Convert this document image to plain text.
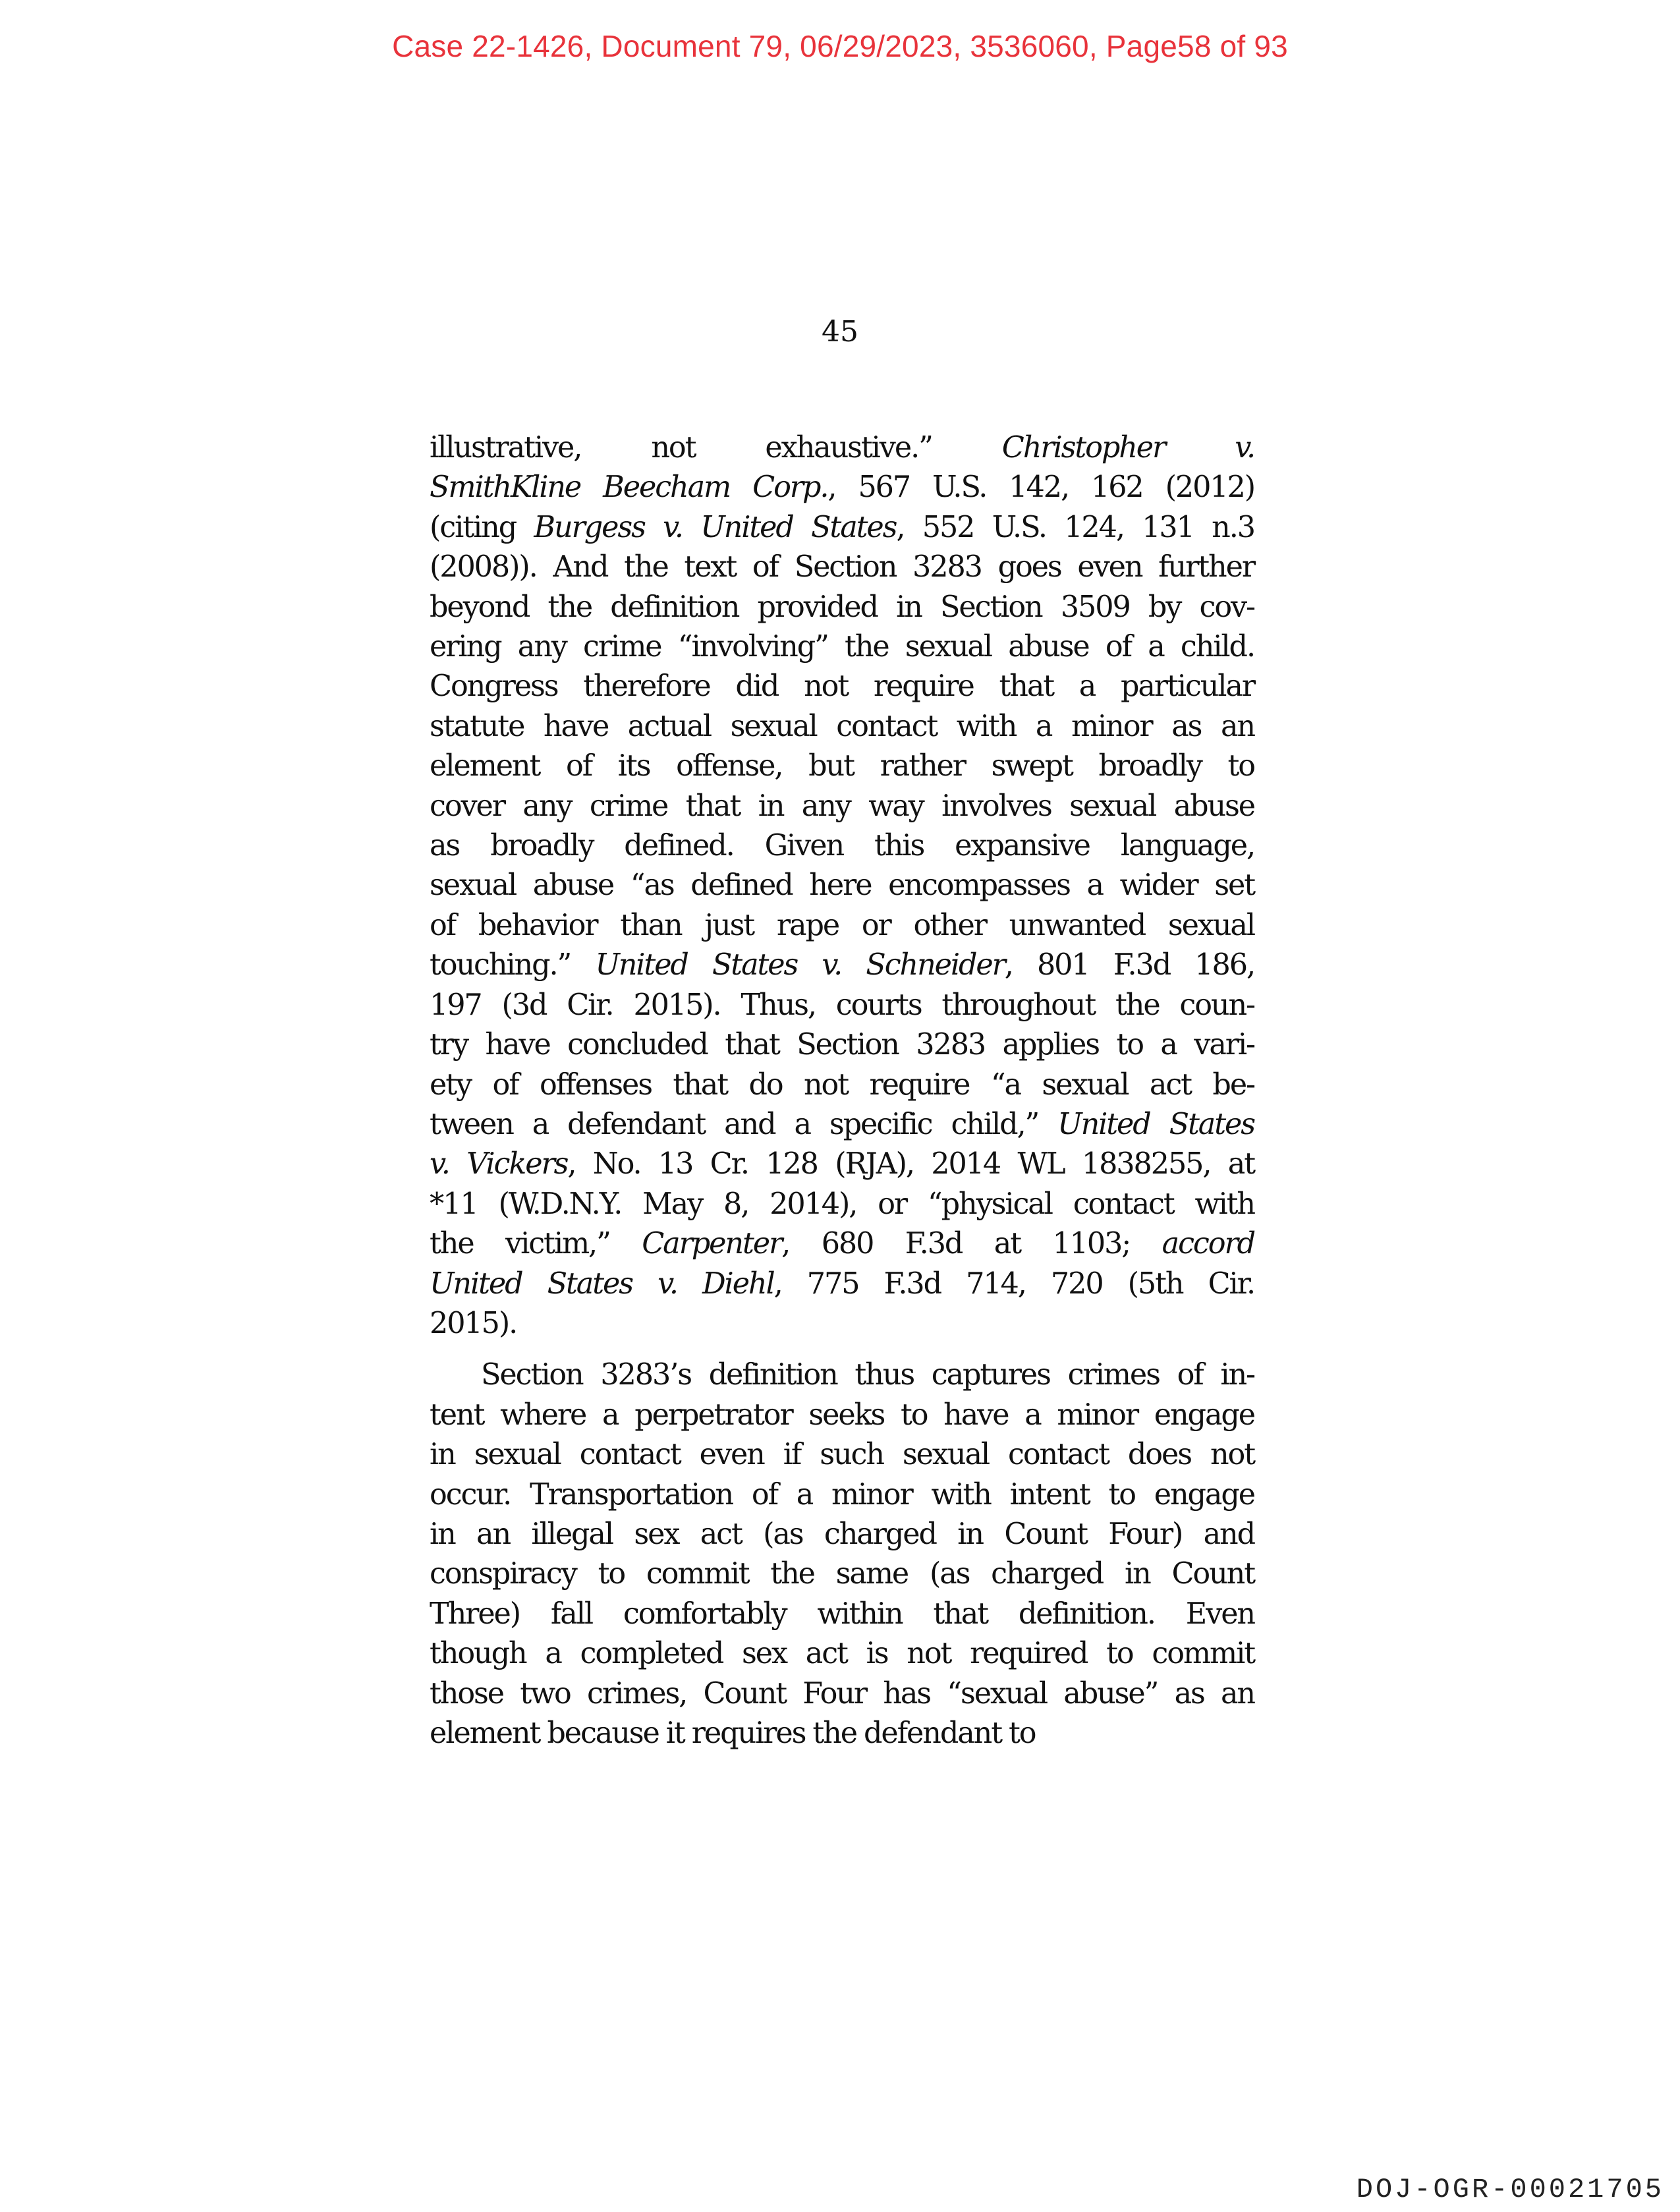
Case 22-1426, Document 79, 06/29/2023, 3536060, Page58 of 93
45

illustrative, not exhaustive.” Christopher v.
SmithKline Beecham Corp., 567 U.S. 142, 162 (2012)
(citing Burgess v. United States, 552 U.S. 124, 131 n.3
(2008)). And the text of Section 3283 goes even further
beyond the definition provided in Section 3509 by cov-
ering any crime “involving” the sexual abuse of a child.
Congress therefore did not require that a particular
statute have actual sexual contact with a minor as an
element of its offense, but rather swept broadly to
cover any crime that in any way involves sexual abuse
as broadly defined. Given this expansive language,
sexual abuse “as defined here encompasses a wider set
of behavior than just rape or other unwanted sexual
touching.” United States v. Schneider, 801 F.3d 186,
197 (3d Cir. 2015). Thus, courts throughout the coun-
try have concluded that Section 3283 applies to a vari-
ety of offenses that do not require “a sexual act be-
tween a defendant and a specific child,” United States
v. Vickers, No. 13 Cr. 128 (RJA), 2014 WL 1838255, at
*11 (W.D.N.Y. May 8, 2014), or “physical contact with
the victim,” Carpenter, 680 F.3d at 1103; accord
United States v. Diehl, 775 F.3d 714, 720 (5th Cir.
2015).

Section 3283’s definition thus captures crimes of in-
tent where a perpetrator seeks to have a minor engage
in sexual contact even if such sexual contact does not
occur. Transportation of a minor with intent to engage
in an illegal sex act (as charged in Count Four) and
conspiracy to commit the same (as charged in Count
Three) fall comfortably within that definition. Even
though a completed sex act is not required to commit
those two crimes, Count Four has “sexual abuse” as an
element because it requires the defendant to

DOJ-OGR-00021705
